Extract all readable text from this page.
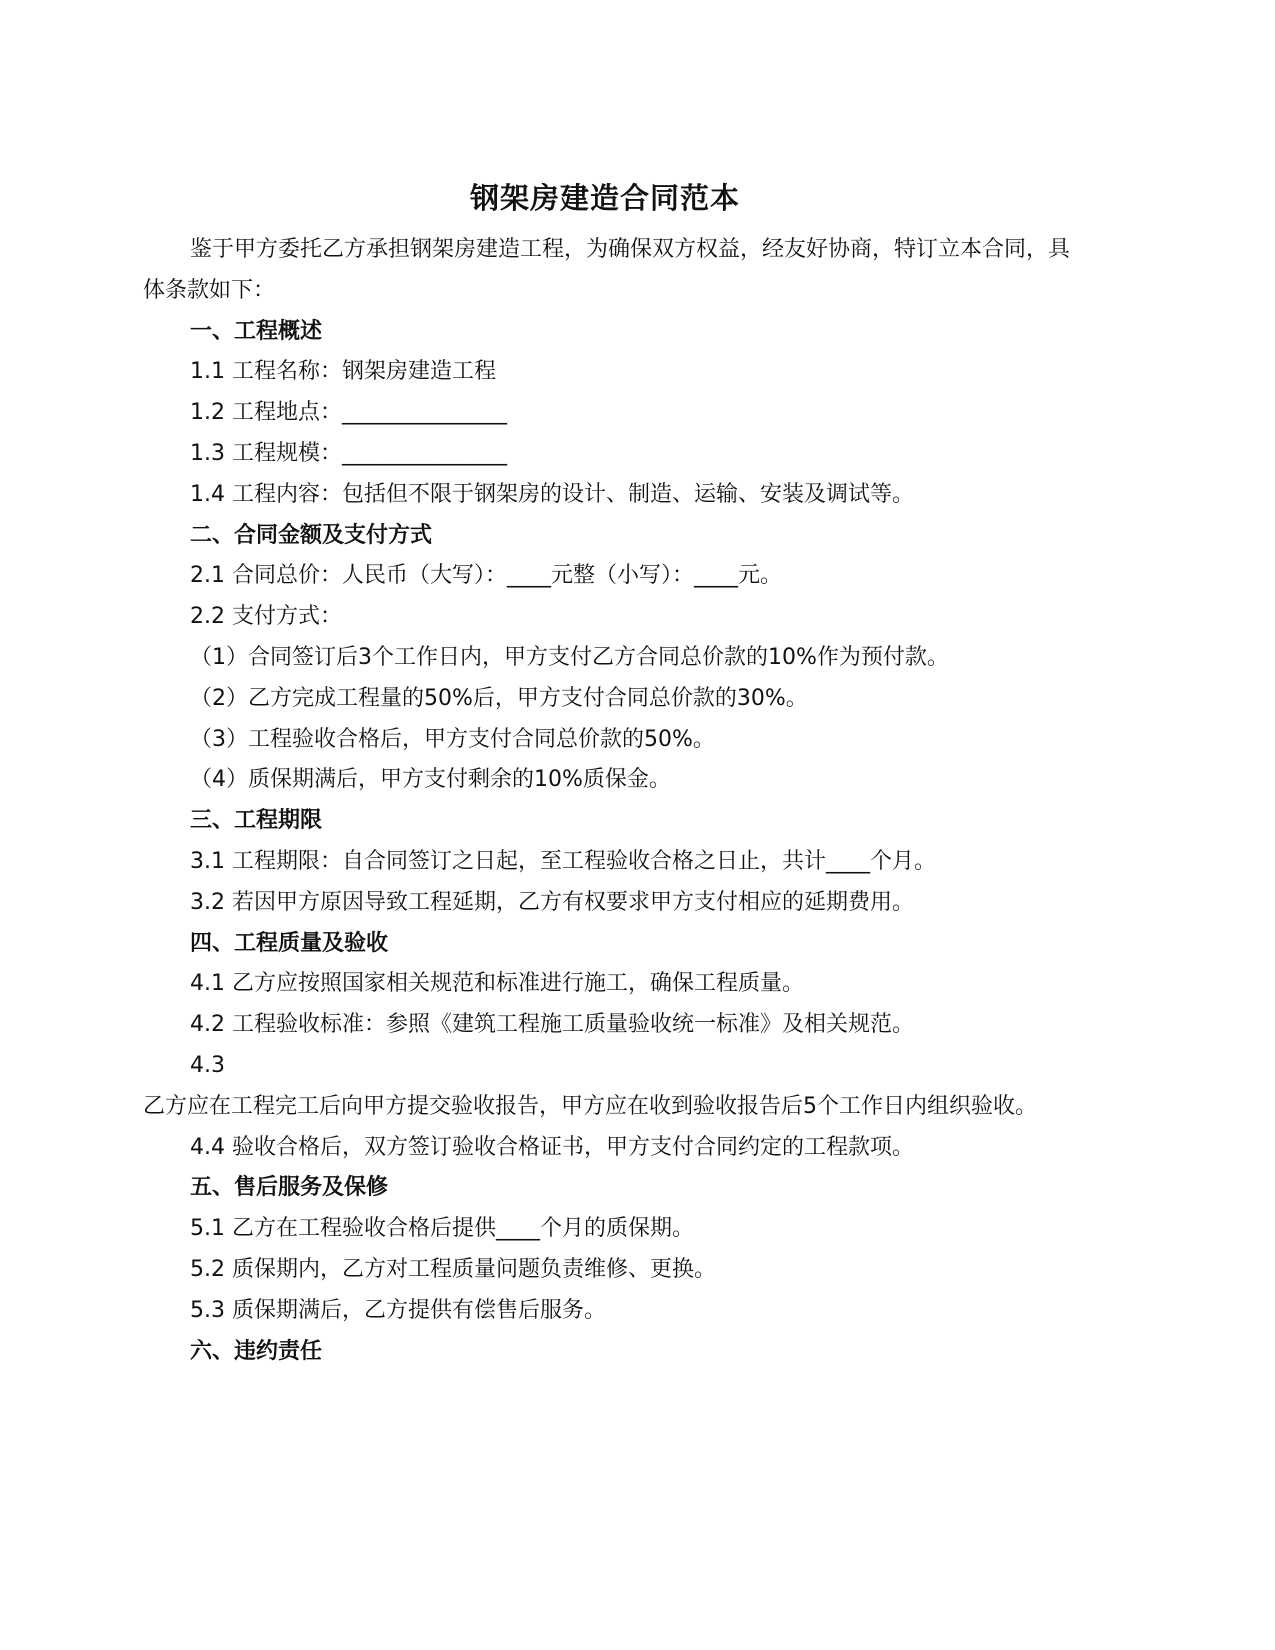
钢架房建造合同范本
鉴于甲方委托乙方承担钢架房建造工程，为确保双方权益，经友好协商，特订立本合同，具体条款如下：
一、工程概述
1.1 工程名称：钢架房建造工程
1.2 工程地点：_______________
1.3 工程规模：_______________
1.4 工程内容：包括但不限于钢架房的设计、制造、运输、安装及调试等。
二、合同金额及支付方式
2.1 合同总价：人民币（大写）：____元整（小写）：____元。
2.2 支付方式：
（1）合同签订后3个工作日内，甲方支付乙方合同总价款的10%作为预付款。
（2）乙方完成工程量的50%后，甲方支付合同总价款的30%。
（3）工程验收合格后，甲方支付合同总价款的50%。
（4）质保期满后，甲方支付剩余的10%质保金。
三、工程期限
3.1 工程期限：自合同签订之日起，至工程验收合格之日止，共计____个月。
3.2 若因甲方原因导致工程延期，乙方有权要求甲方支付相应的延期费用。
四、工程质量及验收
4.1 乙方应按照国家相关规范和标准进行施工，确保工程质量。
4.2 工程验收标准：参照《建筑工程施工质量验收统一标准》及相关规范。
4.3
乙方应在工程完工后向甲方提交验收报告，甲方应在收到验收报告后5个工作日内组织验收。
4.4 验收合格后，双方签订验收合格证书，甲方支付合同约定的工程款项。
五、售后服务及保修
5.1 乙方在工程验收合格后提供____个月的质保期。
5.2 质保期内，乙方对工程质量问题负责维修、更换。
5.3 质保期满后，乙方提供有偿售后服务。
六、违约责任
